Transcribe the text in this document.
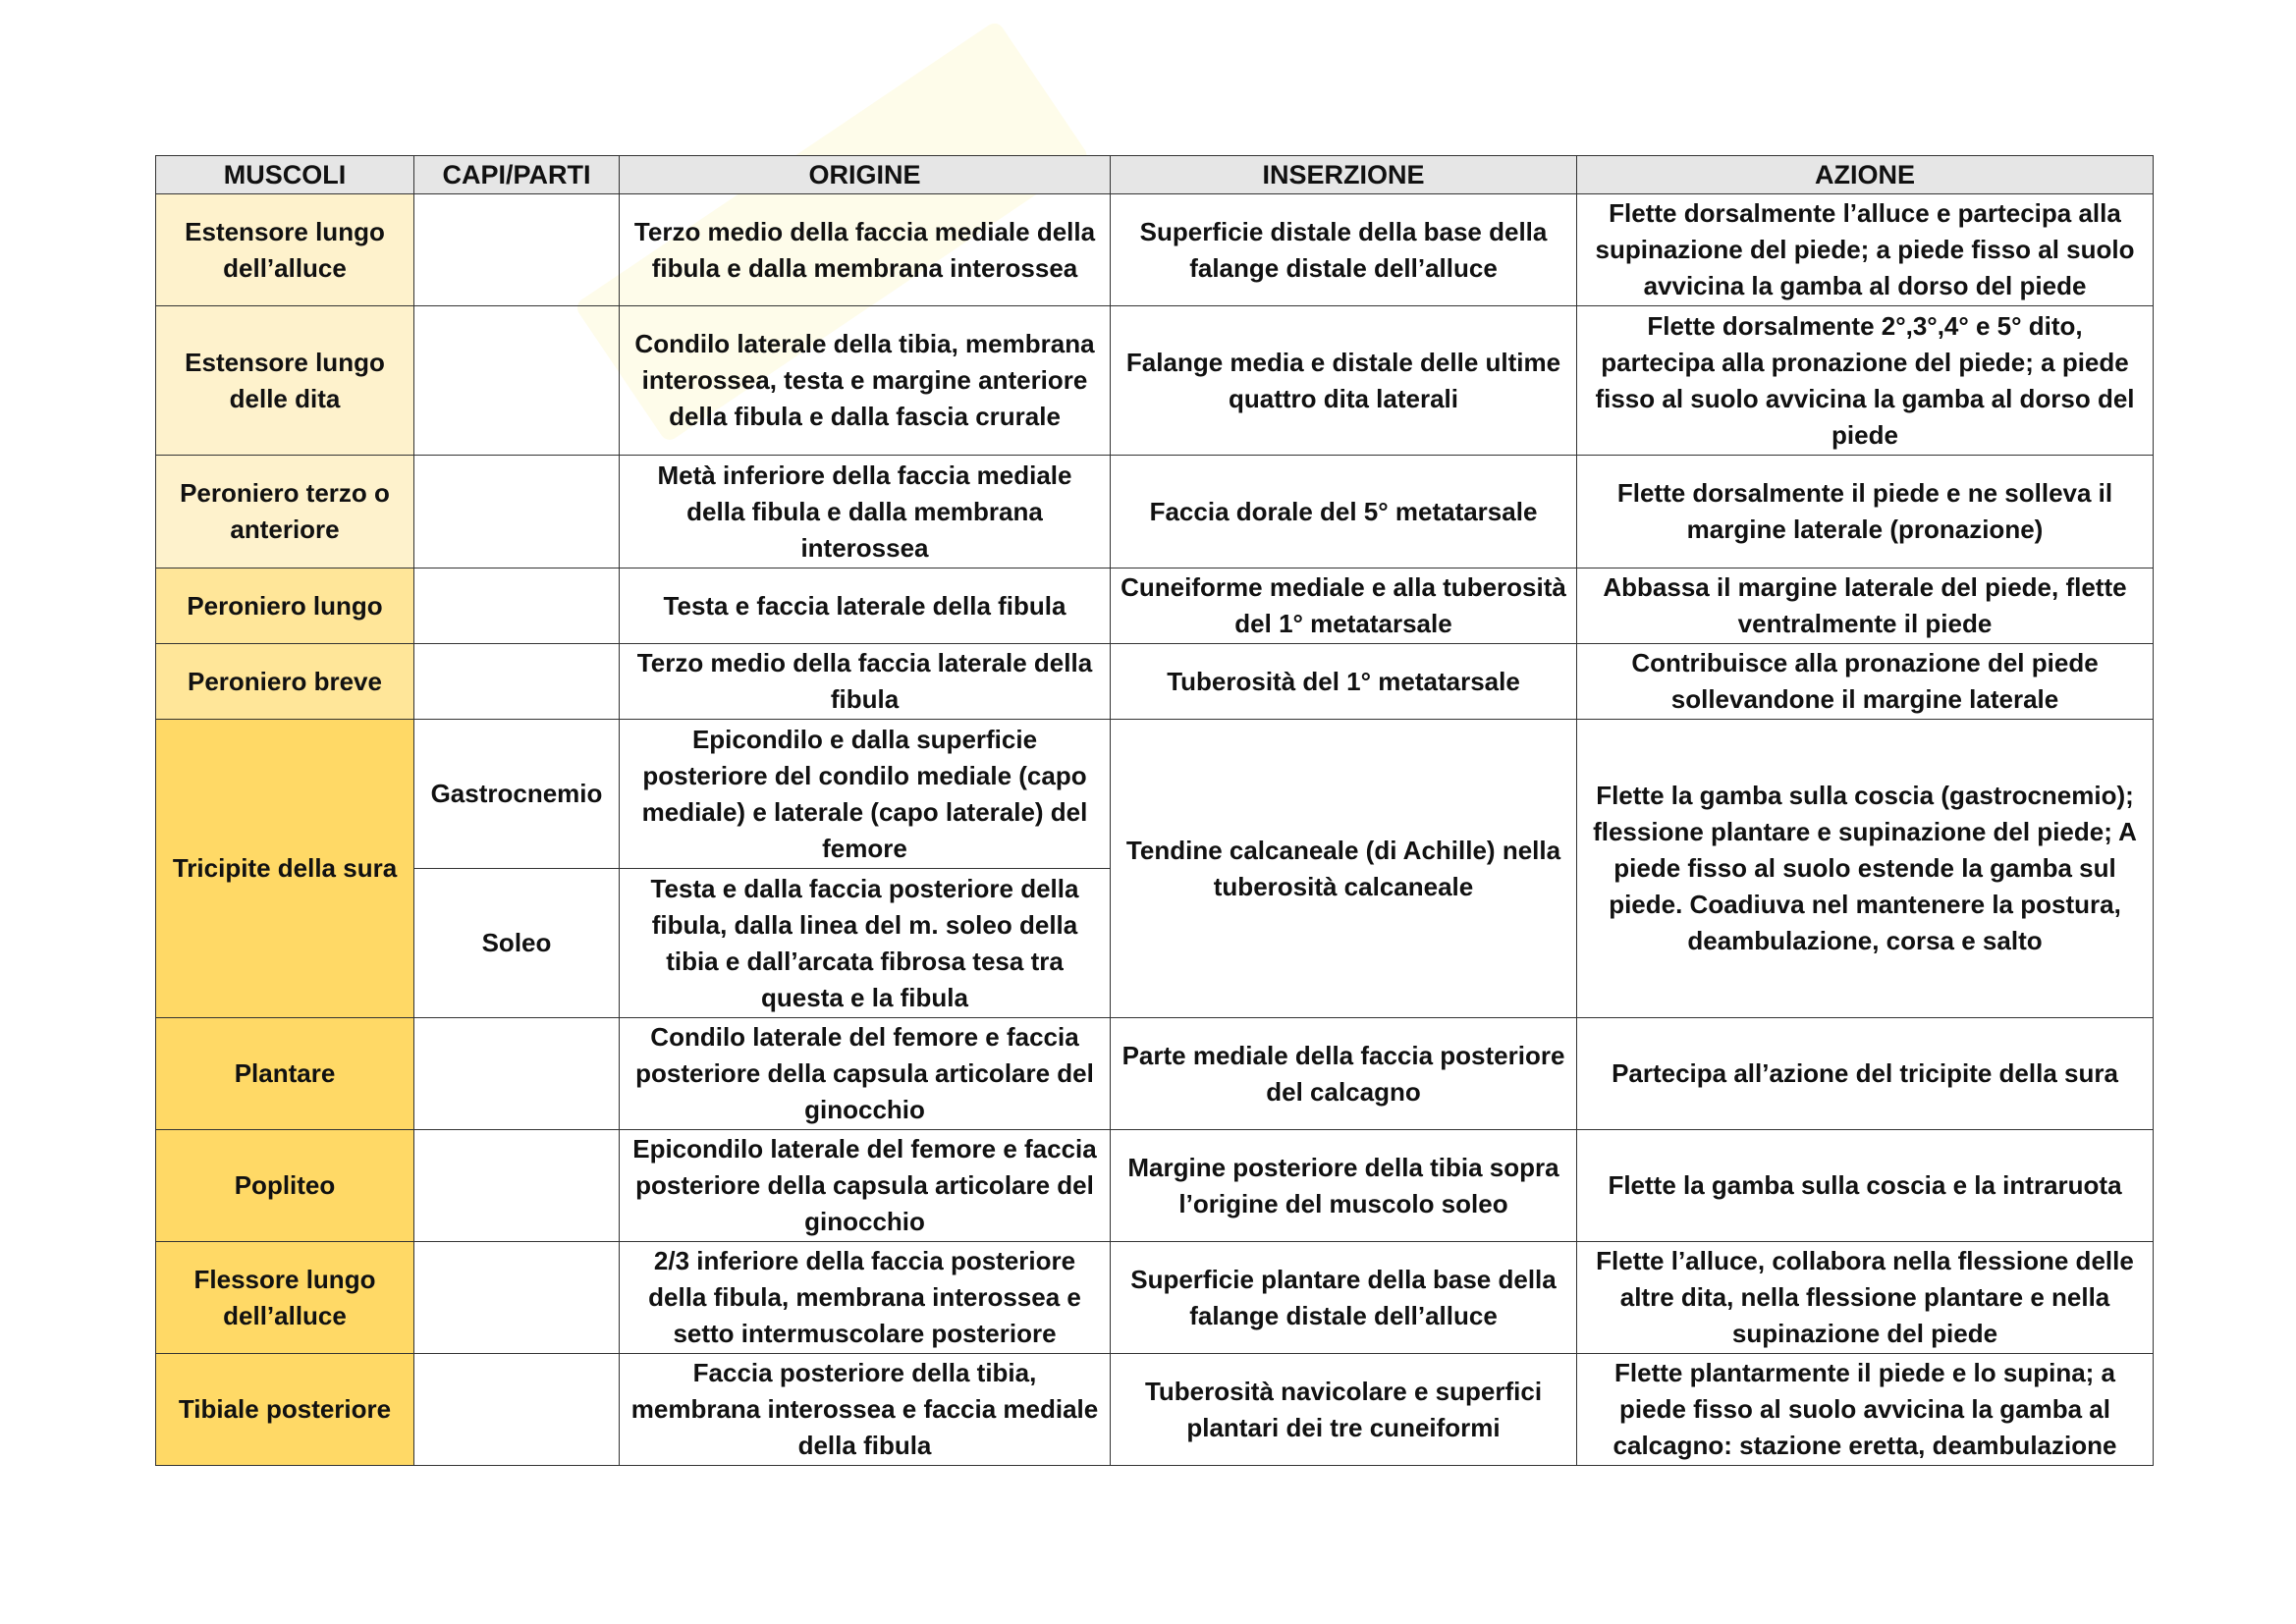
MUSCOLI	CAPI/PARTI	ORIGINE	INSERZIONE	AZIONE
Estensore lungo dell’alluce		Terzo medio della faccia mediale della fibula e dalla membrana interossea	Superficie distale della base della falange distale dell’alluce	Flette dorsalmente l’alluce e partecipa alla supinazione del piede; a piede fisso al suolo avvicina la gamba al dorso del piede
Estensore lungo delle dita		Condilo laterale della tibia, membrana interossea, testa e margine anteriore della fibula e dalla fascia crurale	Falange media e distale delle ultime quattro dita laterali	Flette dorsalmente 2°,3°,4° e 5° dito, partecipa alla pronazione del piede; a piede fisso al suolo avvicina la gamba al dorso del piede
Peroniero terzo o anteriore		Metà inferiore della faccia mediale della fibula e dalla membrana interossea	Faccia dorale del 5° metatarsale	Flette dorsalmente il piede e ne solleva il margine laterale (pronazione)
Peroniero lungo		Testa e faccia laterale della fibula	Cuneiforme mediale e alla tuberosità del 1° metatarsale	Abbassa il margine laterale del piede, flette ventralmente il piede
Peroniero breve		Terzo medio della faccia laterale della fibula	Tuberosità del 1° metatarsale	Contribuisce alla pronazione del piede sollevandone il margine laterale
Tricipite della sura	Gastrocnemio	Epicondilo e dalla superficie posteriore del condilo mediale (capo mediale) e laterale (capo laterale) del femore	Tendine calcaneale (di Achille) nella tuberosità calcaneale	Flette la gamba sulla coscia (gastrocnemio); flessione plantare e supinazione del piede; A piede fisso al suolo estende la gamba sul piede. Coadiuva nel mantenere la postura, deambulazione, corsa e salto
	Soleo	Testa e dalla faccia posteriore della fibula, dalla linea del m. soleo della tibia e dall’arcata fibrosa tesa tra questa e la fibula		
Plantare		Condilo laterale del femore e faccia posteriore della capsula articolare del ginocchio	Parte mediale della faccia posteriore del calcagno	Partecipa all’azione del tricipite della sura
Popliteo		Epicondilo laterale del femore e faccia posteriore della capsula articolare del ginocchio	Margine posteriore della tibia sopra l’origine del muscolo soleo	Flette la gamba sulla coscia e la intraruota
Flessore lungo dell’alluce		2/3 inferiore della faccia posteriore della fibula, membrana interossea e setto intermuscolare posteriore	Superficie plantare della base della falange distale dell’alluce	Flette l’alluce, collabora nella flessione delle altre dita, nella flessione plantare e nella supinazione del piede
Tibiale posteriore		Faccia posteriore della tibia, membrana interossea e faccia mediale della fibula	Tuberosità navicolare e superfici plantari dei tre cuneiformi	Flette plantarmente il piede e lo supina; a piede fisso al suolo avvicina la gamba al calcagno: stazione eretta, deambulazione
